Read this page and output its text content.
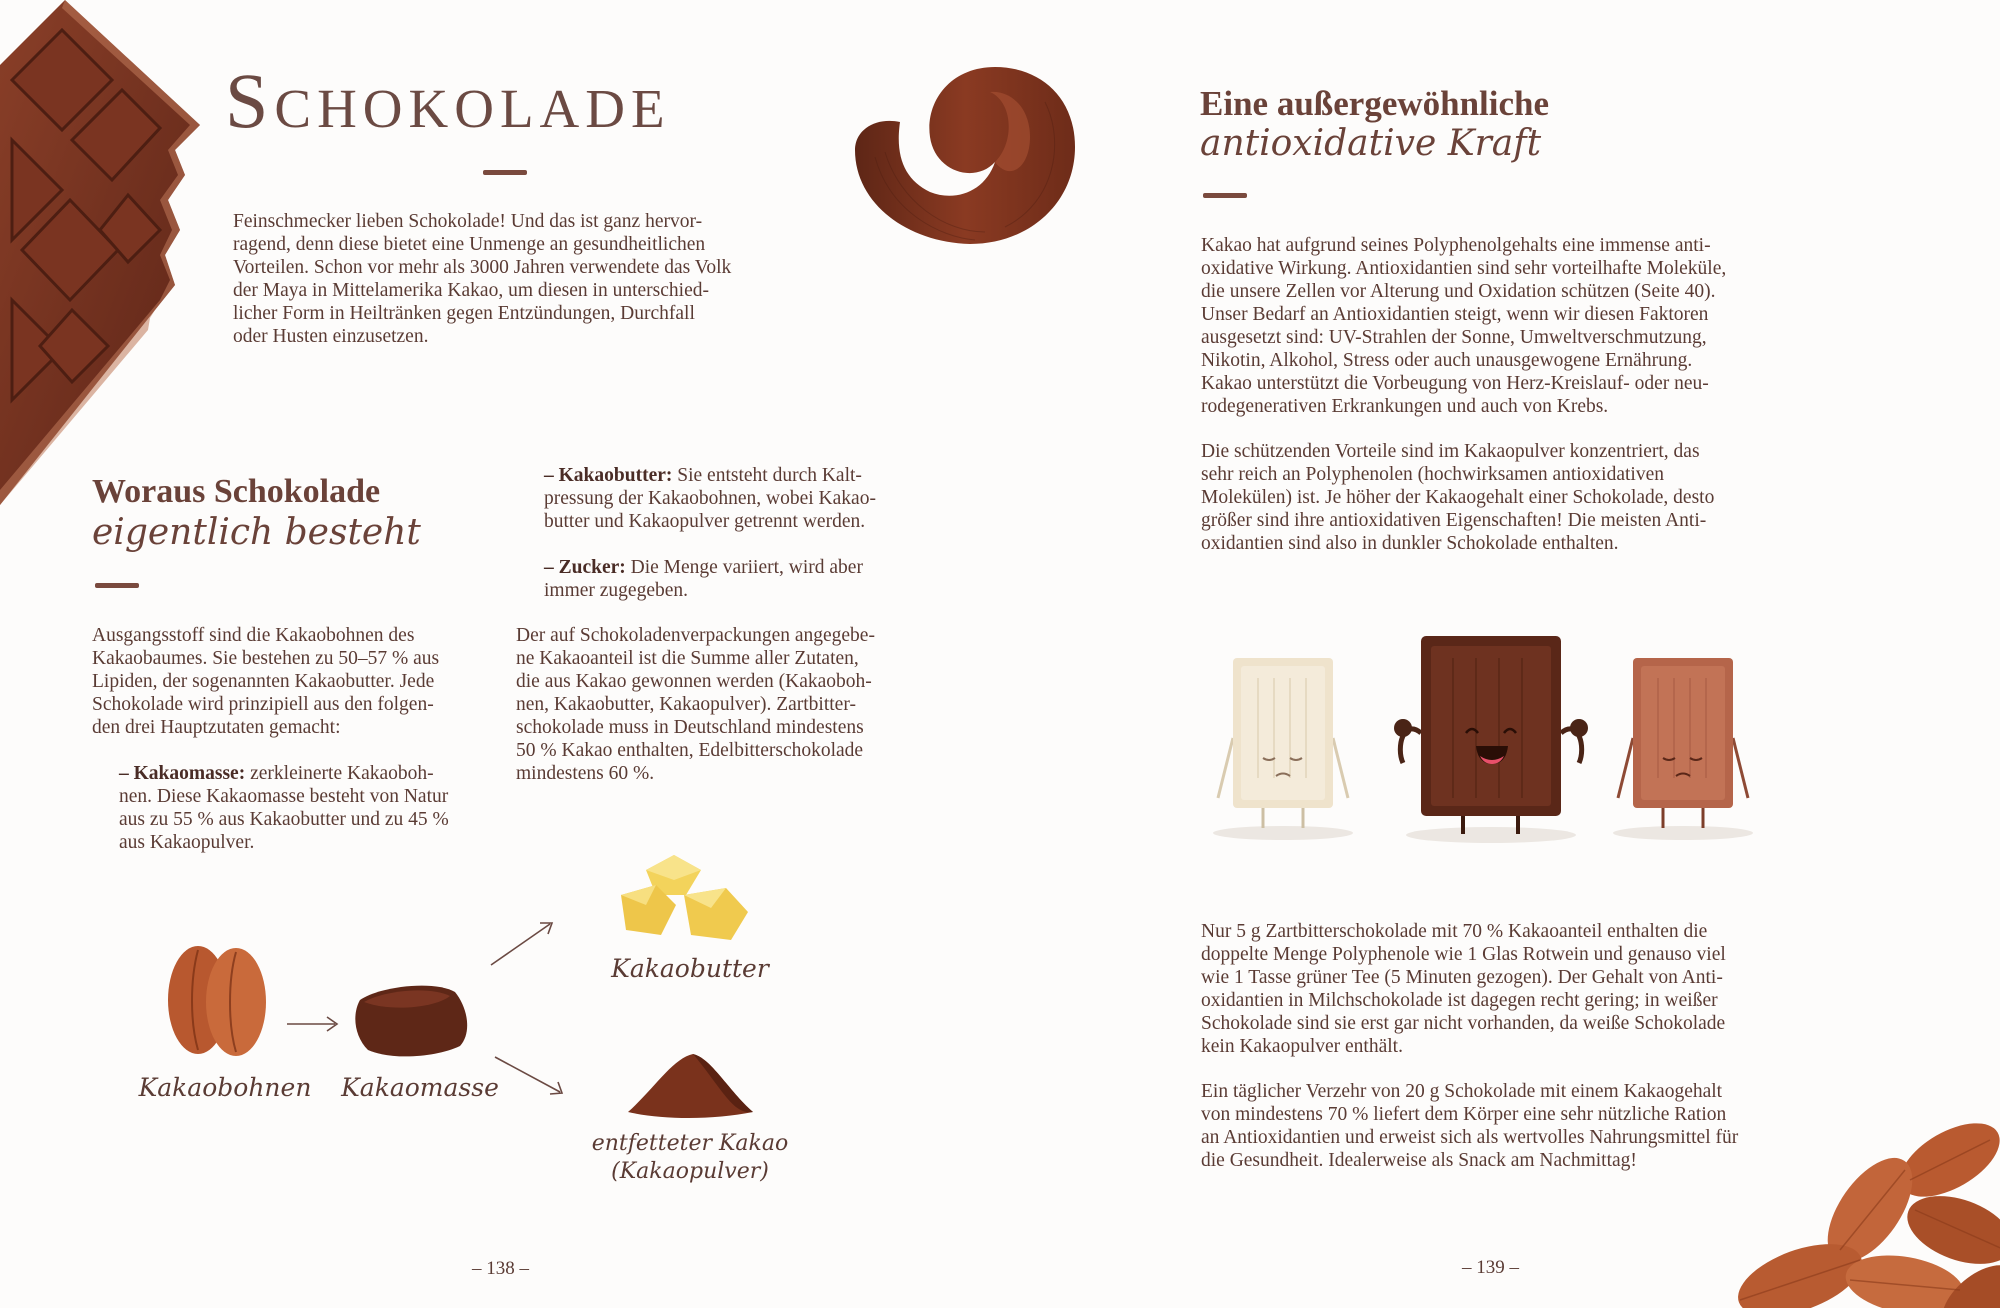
Schokolade
Feinschmecker lieben Schokolade! Und das ist ganz hervor-
ragend, denn diese bietet eine Unmenge an gesundheitlichen
Vorteilen. Schon vor mehr als 3000 Jahren verwendete das Volk
der Maya in Mittelamerika Kakao, um diesen in unterschied-
licher Form in Heiltränken gegen Entzündungen, Durchfall
oder Husten einzusetzen.
Woraus Schokolade
eigentlich besteht
Ausgangsstoff sind die Kakaobohnen des
Kakaobaumes. Sie bestehen zu 50–57 % aus
Lipiden, der sogenannten Kakaobutter. Jede
Schokolade wird prinzipiell aus den folgen-
den drei Hauptzutaten gemacht:
– Kakaomasse: zerkleinerte Kakaoboh-
nen. Diese Kakaomasse besteht von Natur
aus zu 55 % aus Kakaobutter und zu 45 %
aus Kakaopulver.
– Kakaobutter: Sie entsteht durch Kalt-
pressung der Kakaobohnen, wobei Kakao-
butter und Kakaopulver getrennt werden.
– Zucker: Die Menge variiert, wird aber
immer zugegeben.
Der auf Schokoladenverpackungen angegebe-
ne Kakaoanteil ist die Summe aller Zutaten,
die aus Kakao gewonnen werden (Kakaoboh-
nen, Kakaobutter, Kakaopulver). Zartbitter-
schokolade muss in Deutschland mindestens
50 % Kakao enthalten, Edelbitterschokolade
mindestens 60 %.
Kakaobohnen	Kakaomasse
Kakaobutter
entfetteter Kakao
(Kakaopulver)
– 138 –
Eine außergewöhnliche
antioxidative Kraft
Kakao hat aufgrund seines Polyphenolgehalts eine immense anti-
oxidative Wirkung. Antioxidantien sind sehr vorteilhafte Moleküle,
die unsere Zellen vor Alterung und Oxidation schützen (Seite 40).
Unser Bedarf an Antioxidantien steigt, wenn wir diesen Faktoren
ausgesetzt sind: UV-Strahlen der Sonne, Umweltverschmutzung,
Nikotin, Alkohol, Stress oder auch unausgewogene Ernährung.
Kakao unterstützt die Vorbeugung von Herz-Kreislauf- oder neu-
rodegenerativen Erkrankungen und auch von Krebs.
Die schützenden Vorteile sind im Kakaopulver konzentriert, das
sehr reich an Polyphenolen (hochwirksamen antioxidativen
Molekülen) ist. Je höher der Kakaogehalt einer Schokolade, desto
größer sind ihre antioxidativen Eigenschaften! Die meisten Anti-
oxidantien sind also in dunkler Schokolade enthalten.
Nur 5 g Zartbitterschokolade mit 70 % Kakaoanteil enthalten die
doppelte Menge Polyphenole wie 1 Glas Rotwein und genauso viel
wie 1 Tasse grüner Tee (5 Minuten gezogen). Der Gehalt von Anti-
oxidantien in Milchschokolade ist dagegen recht gering; in weißer
Schokolade sind sie erst gar nicht vorhanden, da weiße Schokolade
kein Kakaopulver enthält.
Ein täglicher Verzehr von 20 g Schokolade mit einem Kakaogehalt
von mindestens 70 % liefert dem Körper eine sehr nützliche Ration
an Antioxidantien und erweist sich als wertvolles Nahrungsmittel für
die Gesundheit. Idealerweise als Snack am Nachmittag!
– 139 –
